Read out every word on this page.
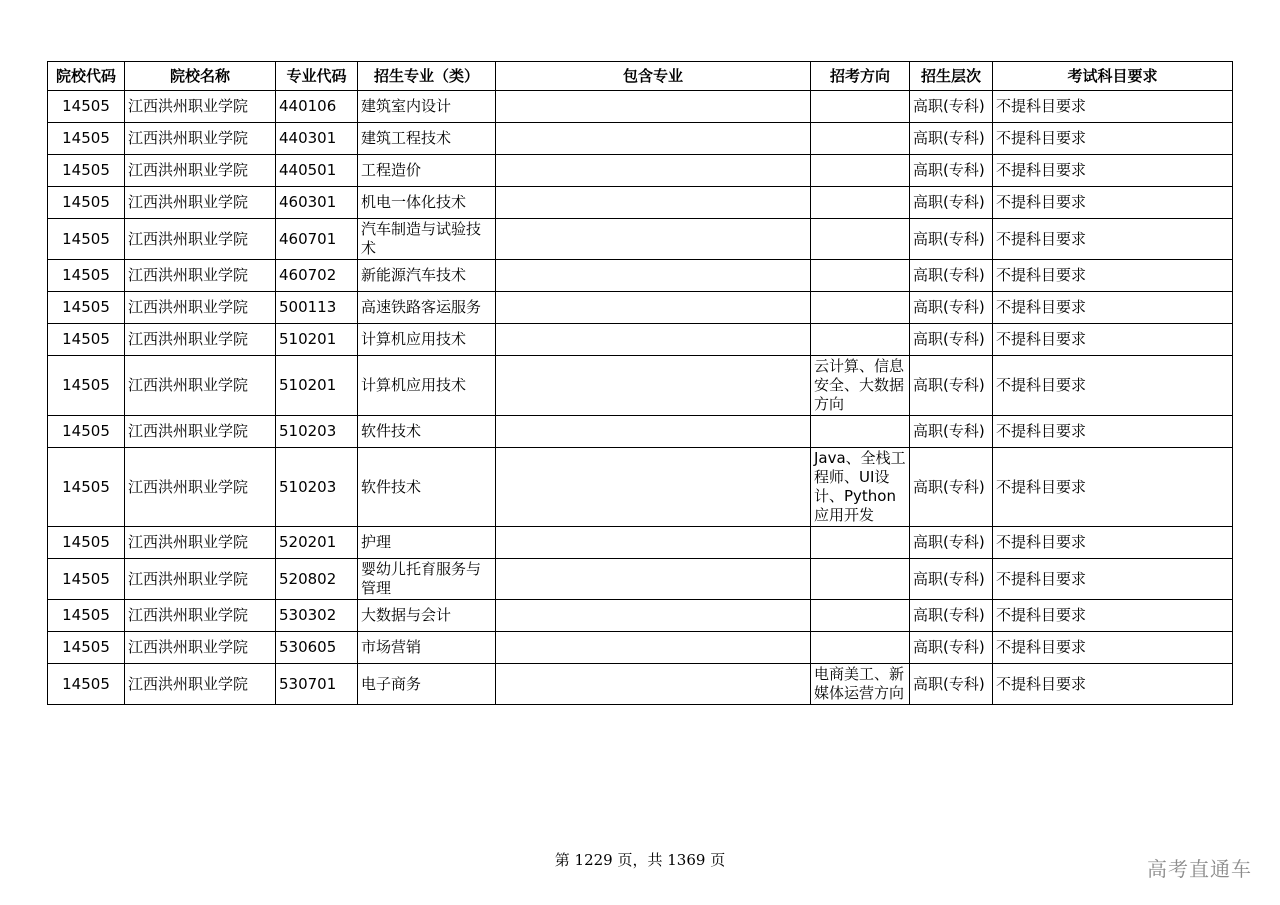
院校代码	院校名称	专业代码	招生专业（类）	包含专业	招考方向	招生层次	考试科目要求
14505	江西洪州职业学院	440106	建筑室内设计			高职(专科)	不提科目要求
14505	江西洪州职业学院	440301	建筑工程技术			高职(专科)	不提科目要求
14505	江西洪州职业学院	440501	工程造价			高职(专科)	不提科目要求
14505	江西洪州职业学院	460301	机电一体化技术			高职(专科)	不提科目要求
14505	江西洪州职业学院	460701	汽车制造与试验技术			高职(专科)	不提科目要求
14505	江西洪州职业学院	460702	新能源汽车技术			高职(专科)	不提科目要求
14505	江西洪州职业学院	500113	高速铁路客运服务			高职(专科)	不提科目要求
14505	江西洪州职业学院	510201	计算机应用技术			高职(专科)	不提科目要求
14505	江西洪州职业学院	510201	计算机应用技术		云计算、信息安全、大数据方向	高职(专科)	不提科目要求
14505	江西洪州职业学院	510203	软件技术			高职(专科)	不提科目要求
14505	江西洪州职业学院	510203	软件技术		Java、全栈工程师、UI设计、Python应用开发	高职(专科)	不提科目要求
14505	江西洪州职业学院	520201	护理			高职(专科)	不提科目要求
14505	江西洪州职业学院	520802	婴幼儿托育服务与管理			高职(专科)	不提科目要求
14505	江西洪州职业学院	530302	大数据与会计			高职(专科)	不提科目要求
14505	江西洪州职业学院	530605	市场营销			高职(专科)	不提科目要求
14505	江西洪州职业学院	530701	电子商务		电商美工、新媒体运营方向	高职(专科)	不提科目要求
第 1229 页，共 1369 页	高考直通车
